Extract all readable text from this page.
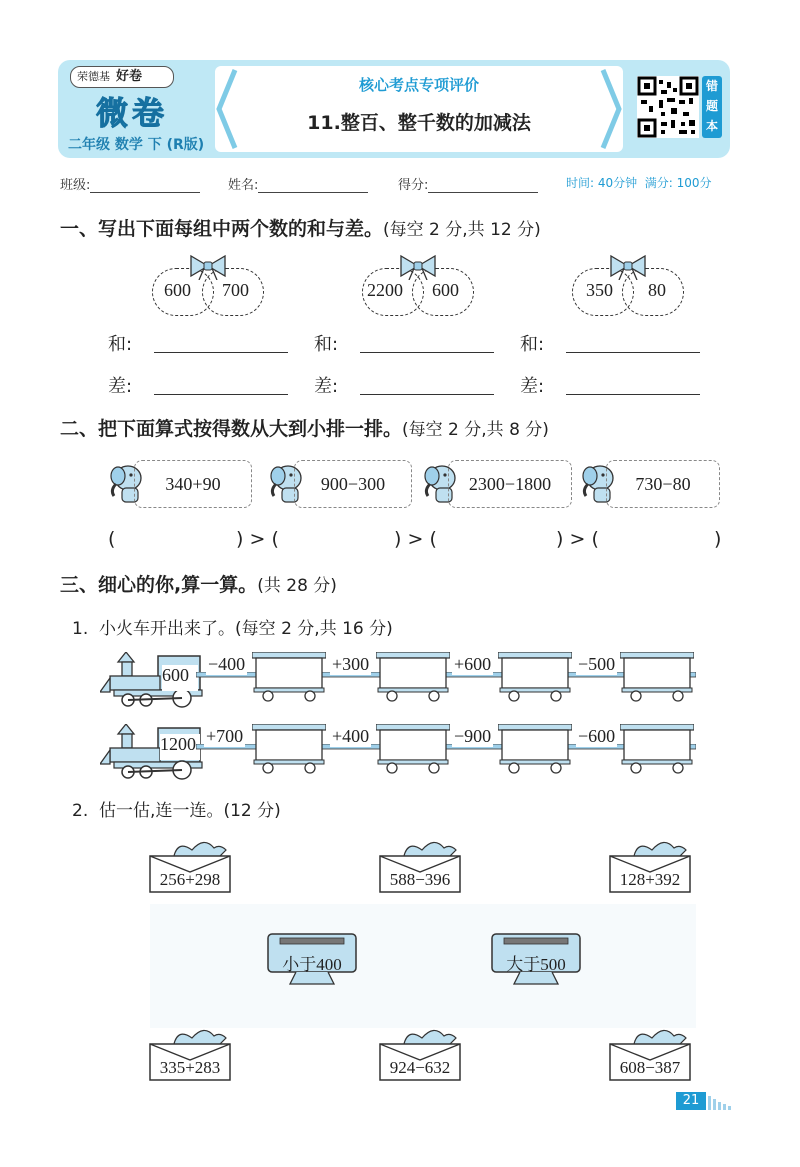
荣德基 好卷
微卷
二年级 数学 下 (R版)
核心考点专项评价
11.整百、整千数的加减法
错
题
本
班级:	姓名:	得分:	时间: 40分钟 满分: 100分
一、写出下面每组中两个数的和与差。(每空 2 分,共 12 分)
600 700	2200 600	350 80
和:	和:	和:
差:	差:	差:
二、把下面算式按得数从大到小排一排。(每空 2 分,共 8 分)
340+90	900−300	2300−1800	730−80
(	) > (	) > (	) > (	)
三、细心的你,算一算。(共 28 分)
1. 小火车开出来了。(每空 2 分,共 16 分)
600
−400	+300	+600	−500
1200 +700	+400	−900	−600
2. 估一估,连一连。(12 分)
256+298	588−396	128+392
小于400	大于500
335+283	924−632	608−387
21
